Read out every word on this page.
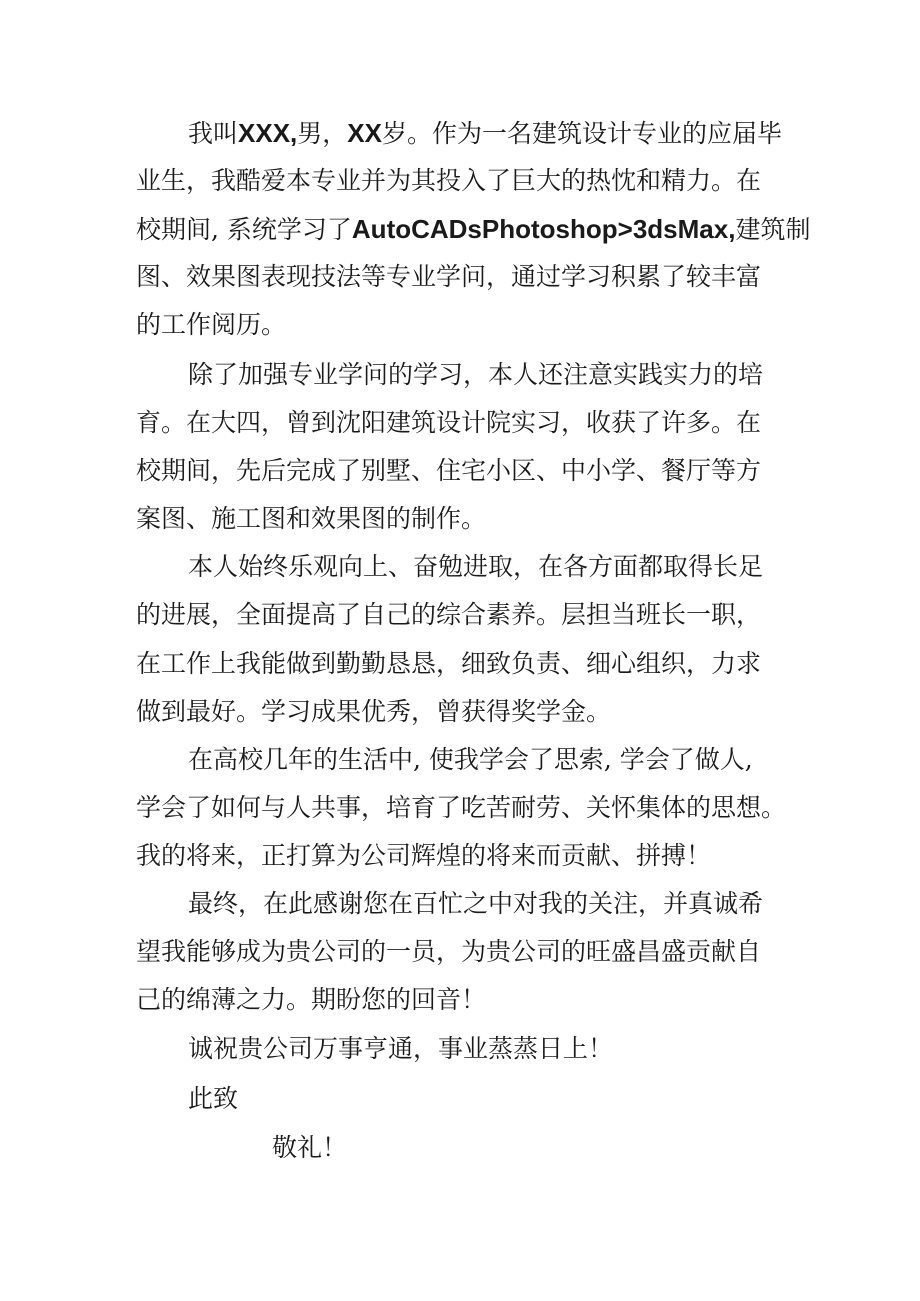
我叫XXX,男，XX岁。作为一名建筑设计专业的应届毕
业生，我酷爱本专业并为其投入了巨大的热忱和精力。在
校期间, 系统学习了AutoCADsPhotoshop>3dsMax,建筑制
图、效果图表现技法等专业学问，通过学习积累了较丰富
的工作阅历。
除了加强专业学问的学习，本人还注意实践实力的培
育。在大四，曾到沈阳建筑设计院实习，收获了许多。在
校期间，先后完成了别墅、住宅小区、中小学、餐厅等方
案图、施工图和效果图的制作。
本人始终乐观向上、奋勉进取，在各方面都取得长足
的进展，全面提高了自己的综合素养。层担当班长一职，
在工作上我能做到勤勤恳恳，细致负责、细心组织，力求
做到最好。学习成果优秀，曾获得奖学金。
在高校几年的生活中, 使我学会了思索, 学会了做人,
学会了如何与人共事，培育了吃苦耐劳、关怀集体的思想。
我的将来，正打算为公司辉煌的将来而贡献、拼搏！
最终，在此感谢您在百忙之中对我的关注，并真诚希
望我能够成为贵公司的一员，为贵公司的旺盛昌盛贡献自
己的绵薄之力。期盼您的回音！
诚祝贵公司万事亨通，事业蒸蒸日上！
此致
敬礼！
